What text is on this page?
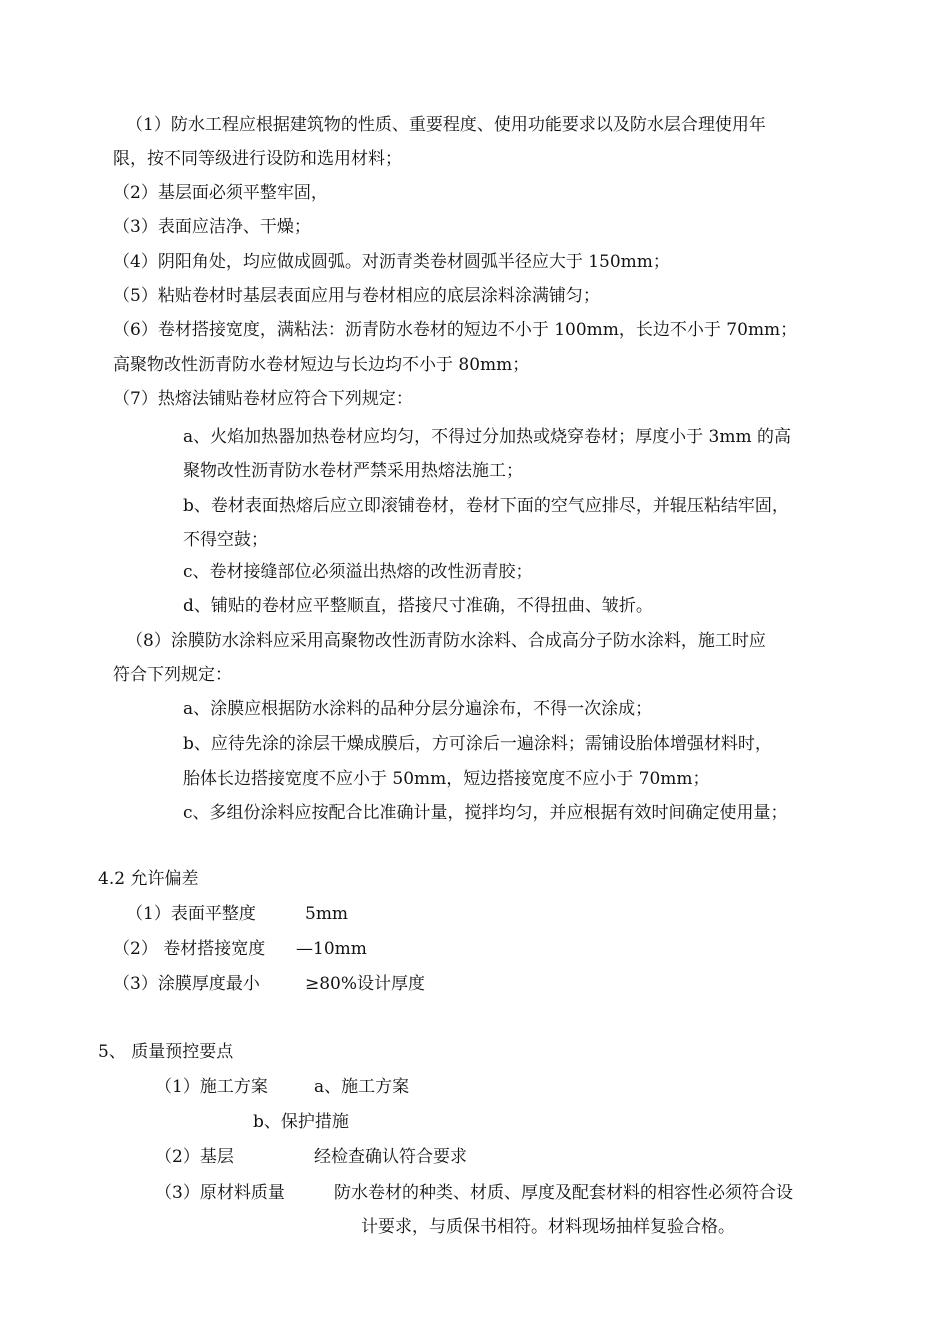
（1）防水工程应根据建筑物的性质、重要程度、使用功能要求以及防水层合理使用年
限，按不同等级进行设防和选用材料；
（2）基层面必须平整牢固，
（3）表面应洁净、干燥；
（4）阴阳角处，均应做成圆弧。对沥青类卷材圆弧半径应大于 150mm；
（5）粘贴卷材时基层表面应用与卷材相应的底层涂料涂满铺匀；
（6）卷材搭接宽度，满粘法：沥青防水卷材的短边不小于 100mm，长边不小于 70mm；
高聚物改性沥青防水卷材短边与长边均不小于 80mm；
（7）热熔法铺贴卷材应符合下列规定：
a、火焰加热器加热卷材应均匀，不得过分加热或烧穿卷材；厚度小于 3mm 的高
聚物改性沥青防水卷材严禁采用热熔法施工；
b、卷材表面热熔后应立即滚铺卷材，卷材下面的空气应排尽，并辊压粘结牢固，
不得空鼓；
c、卷材接缝部位必须溢出热熔的改性沥青胶；
d、铺贴的卷材应平整顺直，搭接尺寸准确，不得扭曲、皱折。
（8）涂膜防水涂料应采用高聚物改性沥青防水涂料、合成高分子防水涂料，施工时应
符合下列规定：
a、涂膜应根据防水涂料的品种分层分遍涂布，不得一次涂成；
b、应待先涂的涂层干燥成膜后，方可涂后一遍涂料；需铺设胎体增强材料时，
胎体长边搭接宽度不应小于 50mm，短边搭接宽度不应小于 70mm；
c、多组份涂料应按配合比准确计量，搅拌均匀，并应根据有效时间确定使用量；
4.2 允许偏差
（1）表面平整度	5mm
（2） 卷材搭接宽度 —10mm
（3）涂膜厚度最小	≥80%设计厚度
5、 质量预控要点
（1）施工方案	a、施工方案
b、保护措施
（2）基层	经检查确认符合要求
（3）原材料质量	防水卷材的种类、材质、厚度及配套材料的相容性必须符合设
计要求，与质保书相符。材料现场抽样复验合格。
